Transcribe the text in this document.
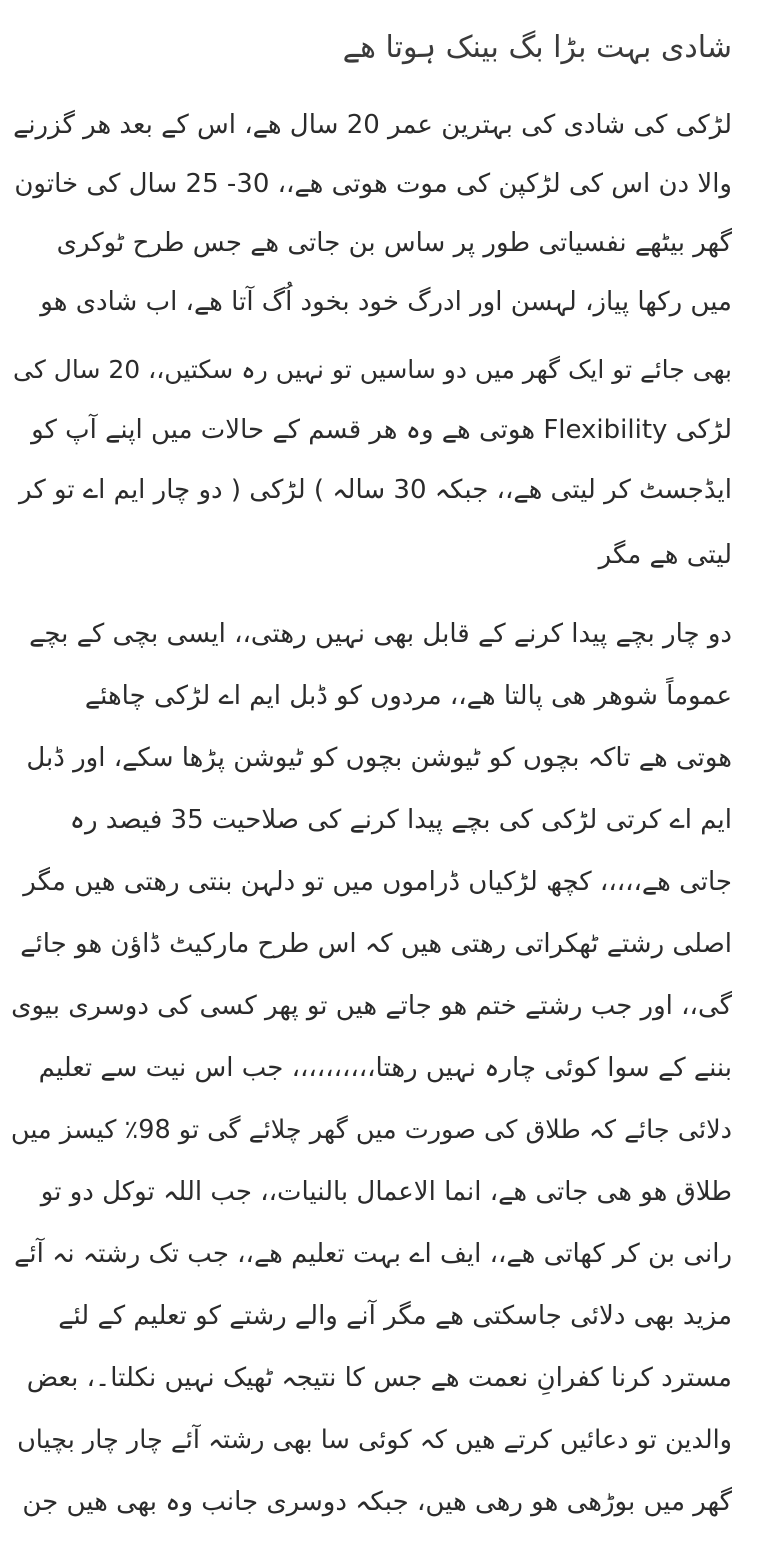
شادی بہت بڑا بگ بینک ہوتا ھے

لڑکی کی شادی کی بہترین عمر 20 سال ھے، اس کے بعد ھر گزرنے

والا دن اس کی لڑکپن کی موت ھوتی ھے،، 30- 25 سال کی خاتون

گھر بیٹھے نفسیاتی طور پر ساس بن جاتی ھے جس طرح ٹوکری

میں رکھا پیاز، لہسن اور ادرگ خود بخود اُگ آتا ھے، اب شادی ھو

بھی جائے تو ایک گھر میں دو ساسیں تو نہیں رہ سکتیں،، 20 سال کی

لڑکی Flexibility ھوتی ھے وہ ھر قسم کے حالات میں اپنے آپ کو

ایڈجسٹ کر لیتی ھے،، جبکہ 30 سالہ ) لڑکی ( دو چار ایم اے تو کر

لیتی ھے مگر

دو چار بچے پیدا کرنے کے قابل بھی نہیں رھتی،، ایسی بچی کے بچے

عموماً شوھر ھی پالتا ھے،، مردوں کو ڈبل ایم اے لڑکی چاھئے

ھوتی ھے تاکہ بچوں کو ٹیوشن بچوں کو ٹیوشن پڑھا سکے، اور ڈبل

ایم اے کرتی لڑکی کی بچے پیدا کرنے کی صلاحیت 35 فیصد رہ

جاتی ھے،،،،، کچھ لڑکیاں ڈراموں میں تو دلہن بنتی رھتی ھیں مگر

اصلی رشتے ٹھکراتی رھتی ھیں کہ اس طرح مارکیٹ ڈاؤن ھو جائے

گی،، اور جب رشتے ختم ھو جاتے ھیں تو پھر کسی کی دوسری بیوی

بننے کے سوا کوئی چارہ نہیں رھتا،،،،،،،،،، جب اس نیت سے تعلیم

دلائی جائے کہ طلاق کی صورت میں گھر چلائے گی تو 98٪ کیسز میں

طلاق ھو ھی جاتی ھے، انما الاعمال بالنیات،، جب اللہ توکل دو تو

رانی بن کر کھاتی ھے،، ایف اے بہت تعلیم ھے،، جب تک رشتہ نہ آئے

مزید بھی دلائی جاسکتی ھے مگر آنے والے رشتے کو تعلیم کے لئے

مسترد کرنا کفرانِ نعمت ھے جس کا نتیجہ ٹھیک نہیں نکلتا۔، بعض

والدین تو دعائیں کرتے ھیں کہ کوئی سا بھی رشتہ آئے چار چار بچیاں

گھر میں بوڑھی ھو رھی ھیں، جبکہ دوسری جانب وہ بھی ھیں جن
